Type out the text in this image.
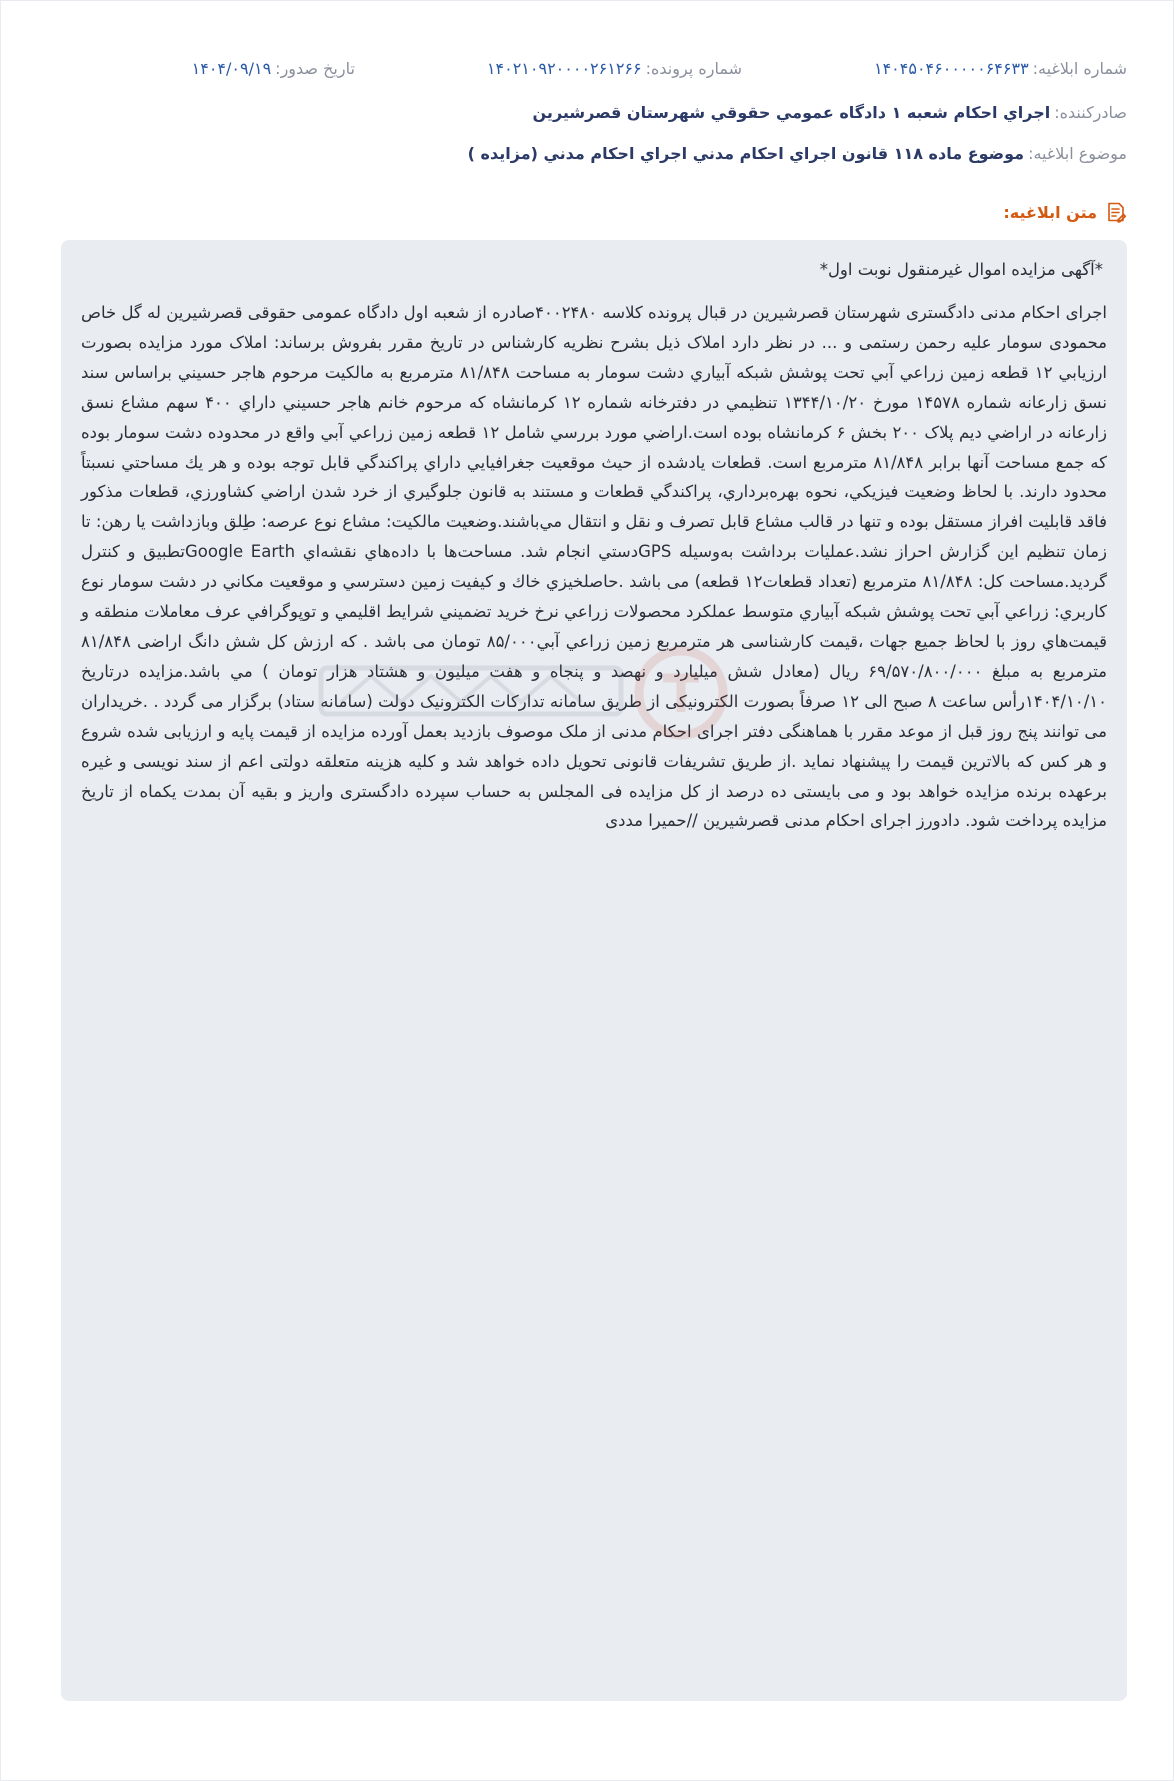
شماره ابلاغیه:
۱۴۰۴۵۰۴۶۰۰۰۰۰۶۴۶۳۳
شماره پرونده:
۱۴۰۲۱۰۹۲۰۰۰۰۲۶۱۲۶۶
تاریخ صدور:
۱۴۰۴/۰۹/۱۹
صادرکننده:
اجراي احكام شعبه ۱ دادگاه عمومي حقوقي شهرستان قصرشيرين
موضوع ابلاغیه:
موضوع ماده ۱۱۸ قانون اجراي احكام مدني اجراي احكام مدني (مزايده )
متن ابلاغیه:
*آگهی مزایده اموال غیرمنقول نوبت اول*
اجرای احکام مدنی دادگستری شهرستان قصرشیرین در قبال پرونده کلاسه ۴۰۰۲۴۸۰صادره از شعبه اول دادگاه عمومی حقوقی قصرشیرین له گل خاص محمودی سومار علیه رحمن رستمی و ... در نظر دارد املاک ذیل بشرح نظریه کارشناس در تاریخ مقرر بفروش برساند: املاک مورد مزایده بصورت ارزیابي ۱۲ قطعه زمين زراعي آبي تحت پوشش شبكه آبياري دشت سومار به مساحت ۸۱/۸۴۸ مترمربع به مالكيت مرحوم هاجر حسيني براساس سند نسق زارعانه شماره ۱۴۵۷۸ مورخ ۱۳۴۴/۱۰/۲۰ تنظيمي در دفترخانه شماره ۱۲ كرمانشاه كه مرحوم خانم هاجر حسيني داراي ۴۰۰ سهم مشاع نسق زارعانه در اراضي ديم پلاک ۲۰۰ بخش ۶ كرمانشاه بوده است.اراضي مورد بررسي شامل ۱۲ قطعه زمين زراعي آبي واقع در محدوده دشت سومار بوده كه جمع مساحت آنها برابر ۸۱/۸۴۸ مترمربع است. قطعات يادشده از حيث موقعيت جغرافيايي داراي پراكندگي قابل توجه بوده و هر يك مساحتي نسبتاً محدود دارند. با لحاظ وضعيت فيزيكي، نحوه بهره‌برداري، پراكندگي قطعات و مستند به قانون جلوگيري از خرد شدن اراضي كشاورزي، قطعات مذكور فاقد قابليت افراز مستقل بوده و تنها در قالب مشاع قابل تصرف و نقل و انتقال مي‌باشند.وضعيت مالكيت: مشاع نوع عرصه: طِلق وبازداشت يا رهن: تا زمان تنظيم اين گزارش احراز نشد.عمليات برداشت به‌وسيله GPSدستي انجام شد. مساحت‌ها با داده‌هاي نقشه‌اي Google Earthتطبيق و كنترل گرديد.مساحت كل: ۸۱/۸۴۸ مترمربع (تعداد قطعات۱۲ قطعه) می باشد .حاصلخيزي خاك و كيفيت زمين دسترسي و موقعيت مكاني در دشت سومار نوع كاربري: زراعي آبي تحت پوشش شبكه آبياري متوسط عملكرد محصولات زراعي نرخ خريد تضميني شرايط اقليمي و توپوگرافي عرف معاملات منطقه و قيمت‌هاي روز با لحاظ جميع جهات ،قیمت کارشناسی هر مترمربع زمين زراعي آبي۸۵/۰۰۰ تومان می باشد . كه ارزش كل شش دانگ اراضی ۸۱/۸۴۸ مترمربع به مبلغ ۶۹/۵۷۰/۸۰۰/۰۰۰ ریال (معادل شش میلیارد و نهصد و پنجاه و هفت میلیون و هشتاد هزار تومان ) مي باشد.مزایده درتاریخ ۱۴۰۴/۱۰/۱۰رأس ساعت ۸ صبح الی ۱۲ صرفاً بصورت الکترونیکی از طریق سامانه تدارکات الکترونیک دولت (سامانه ستاد) برگزار می گردد . .خریداران می توانند پنج روز قبل از موعد مقرر با هماهنگی دفتر اجرای احکام مدنی از ملک موصوف بازدید بعمل آورده مزایده از قیمت پایه و ارزیابی شده شروع و هر کس که بالاترین قیمت را پیشنهاد نماید .از طریق تشریفات قانونی تحویل داده خواهد شد و کلیه هزینه متعلقه دولتی اعم از سند نویسی و غیره برعهده برنده مزایده خواهد بود و می بایستی ده درصد از کل مزایده فی المجلس به حساب سپرده دادگستری واریز و بقیه آن بمدت یکماه از تاریخ مزایده پرداخت شود. دادورز اجرای احکام مدنی قصرشیرین //حمیرا مددی
